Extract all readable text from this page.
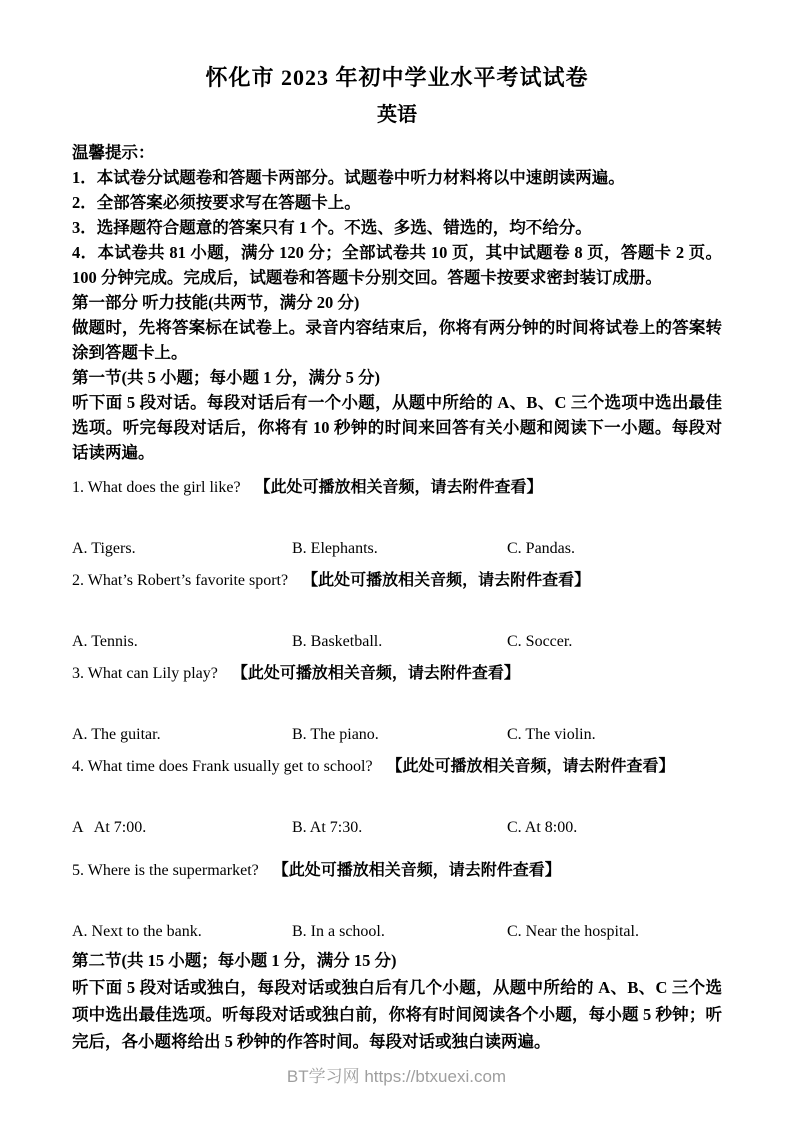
怀化市 2023 年初中学业水平考试试卷
英语

温馨提示：

1．本试卷分试题卷和答题卡两部分。试题卷中听力材料将以中速朗读两遍。

2．全部答案必须按要求写在答题卡上。

3．选择题符合题意的答案只有 1 个。不选、多选、错选的，均不给分。

4．本试卷共 81 小题，满分 120 分；全部试卷共 10 页，其中试题卷 8 页，答题卡 2 页。100 分钟完成。完成后，试题卷和答题卡分别交回。答题卡按要求密封装订成册。

第一部分 听力技能(共两节，满分 20 分)

做题时，先将答案标在试卷上。录音内容结束后，你将有两分钟的时间将试卷上的答案转涂到答题卡上。

第一节(共 5 小题；每小题 1 分，满分 5 分)

听下面 5 段对话。每段对话后有一个小题，从题中所给的 A、B、C 三个选项中选出最佳选项。听完每段对话后，你将有 10 秒钟的时间来回答有关小题和阅读下一小题。每段对话读两遍。

1. What does the girl like? 【此处可播放相关音频，请去附件查看】

A. Tigers.	B. Elephants.	C. Pandas.

2. What’s Robert’s favorite sport? 【此处可播放相关音频，请去附件查看】

A. Tennis.	B. Basketball.	C. Soccer.

3. What can Lily play? 【此处可播放相关音频，请去附件查看】

A. The guitar.	B. The piano.	C. The violin.

4. What time does Frank usually get to school? 【此处可播放相关音频，请去附件查看】

A   At 7:00.	B. At 7:30.	C. At 8:00.

5. Where is the supermarket? 【此处可播放相关音频，请去附件查看】

A. Next to the bank.	B. In a school.	C. Near the hospital.

第二节(共 15 小题；每小题 1 分，满分 15 分)

听下面 5 段对话或独白，每段对话或独白后有几个小题，从题中所给的 A、B、C 三个选项中选出最佳选项。听每段对话或独白前，你将有时间阅读各个小题，每小题 5 秒钟；听完后，各小题将给出 5 秒钟的作答时间。每段对话或独白读两遍。

BT学习网 https://btxuexi.com
